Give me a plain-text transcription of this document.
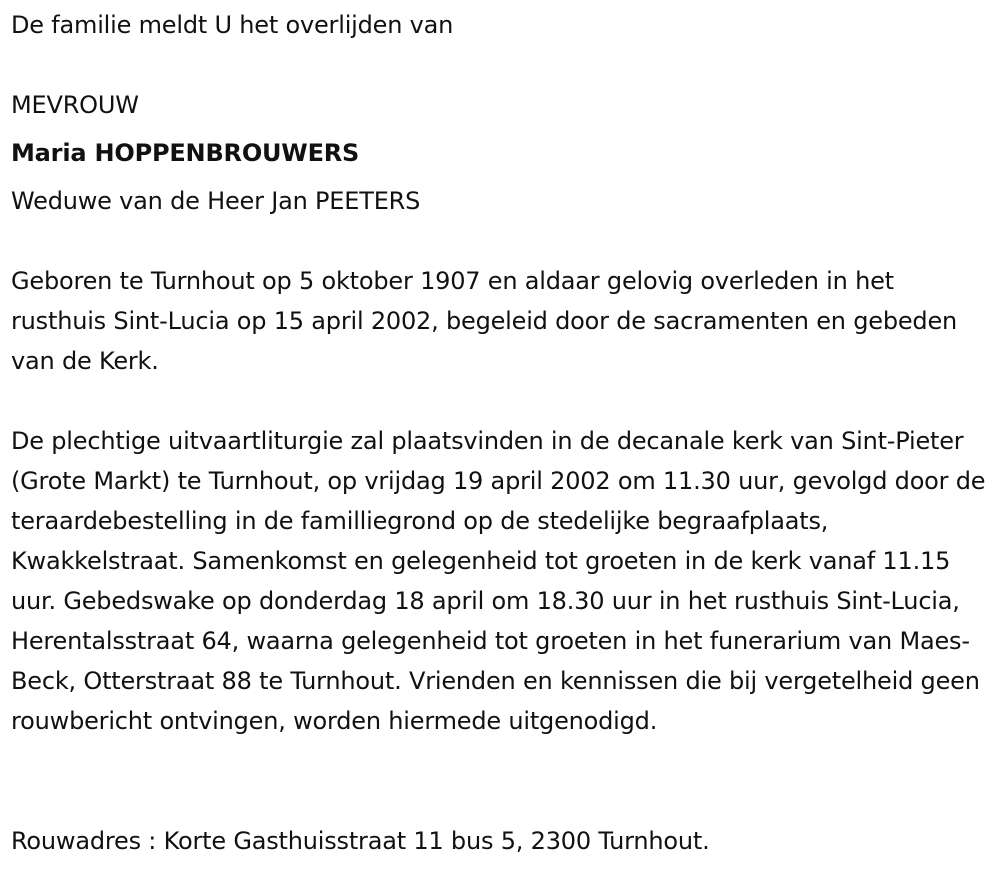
De familie meldt U het overlijden van
MEVROUW
Maria HOPPENBROUWERS
Weduwe van de Heer Jan PEETERS
Geboren te Turnhout op 5 oktober 1907 en aldaar gelovig overleden in het rusthuis Sint-Lucia op 15 april 2002, begeleid door de sacramenten en gebeden van de Kerk.
De plechtige uitvaartliturgie zal plaatsvinden in de decanale kerk van Sint-Pieter (Grote Markt) te Turnhout, op vrijdag 19 april 2002 om 11.30 uur, gevolgd door de teraardebestelling in de familliegrond op de stedelijke begraafplaats, Kwakkelstraat. Samenkomst en gelegenheid tot groeten in de kerk vanaf 11.15 uur. Gebedswake op donderdag 18 april om 18.30 uur in het rusthuis Sint-Lucia, Herentalsstraat 64, waarna gelegenheid tot groeten in het funerarium van Maes-Beck, Otterstraat 88 te Turnhout. Vrienden en kennissen die bij vergetelheid geen rouwbericht ontvingen, worden hiermede uitgenodigd.
Rouwadres : Korte Gasthuisstraat 11 bus 5, 2300 Turnhout.
